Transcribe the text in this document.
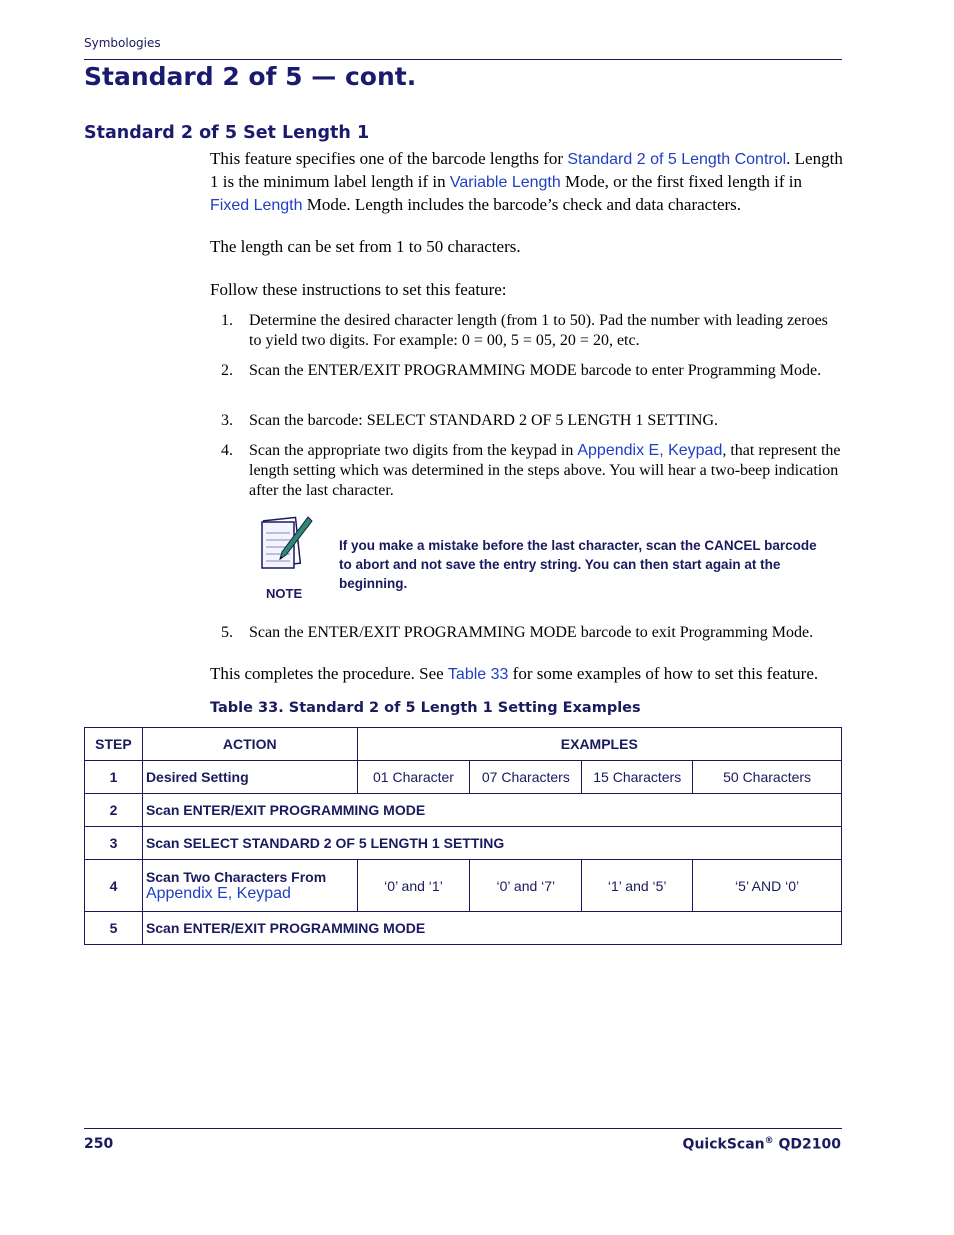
Symbologies
Standard 2 of 5 — cont.
Standard 2 of 5 Set Length 1
This feature specifies one of the barcode lengths for Standard 2 of 5 Length Control. Length 1 is the minimum label length if in Variable Length Mode, or the first fixed length if in Fixed Length Mode. Length includes the barcode’s check and data characters.
The length can be set from 1 to 50 characters.
Follow these instructions to set this feature:
1. Determine the desired character length (from 1 to 50). Pad the number with leading zeroes to yield two digits. For example: 0 = 00, 5 = 05, 20 = 20, etc.
2. Scan the ENTER/EXIT PROGRAMMING MODE barcode to enter Programming Mode.
3. Scan the barcode: SELECT STANDARD 2 OF 5 LENGTH 1 SETTING.
4. Scan the appropriate two digits from the keypad in Appendix E, Keypad, that represent the length setting which was determined in the steps above. You will hear a two-beep indication after the last character.
If you make a mistake before the last character, scan the CANCEL barcode to abort and not save the entry string. You can then start again at the beginning.
NOTE
5. Scan the ENTER/EXIT PROGRAMMING MODE barcode to exit Programming Mode.
This completes the procedure. See Table 33 for some examples of how to set this feature.
Table 33. Standard 2 of 5 Length 1 Setting Examples
STEP	ACTION	EXAMPLES			
1	Desired Setting	01 Character	07 Characters	15 Characters	50 Characters
2	Scan ENTER/EXIT PROGRAMMING MODE				
3	Scan SELECT STANDARD 2 OF 5 LENGTH 1 SETTING				
4	Scan Two Characters From
Appendix E, Keypad	‘0’ and ‘1’	‘0’ and ‘7’	‘1’ and ‘5’	‘5’ AND ‘0’
5	Scan ENTER/EXIT PROGRAMMING MODE				
250	QuickScan® QD2100
